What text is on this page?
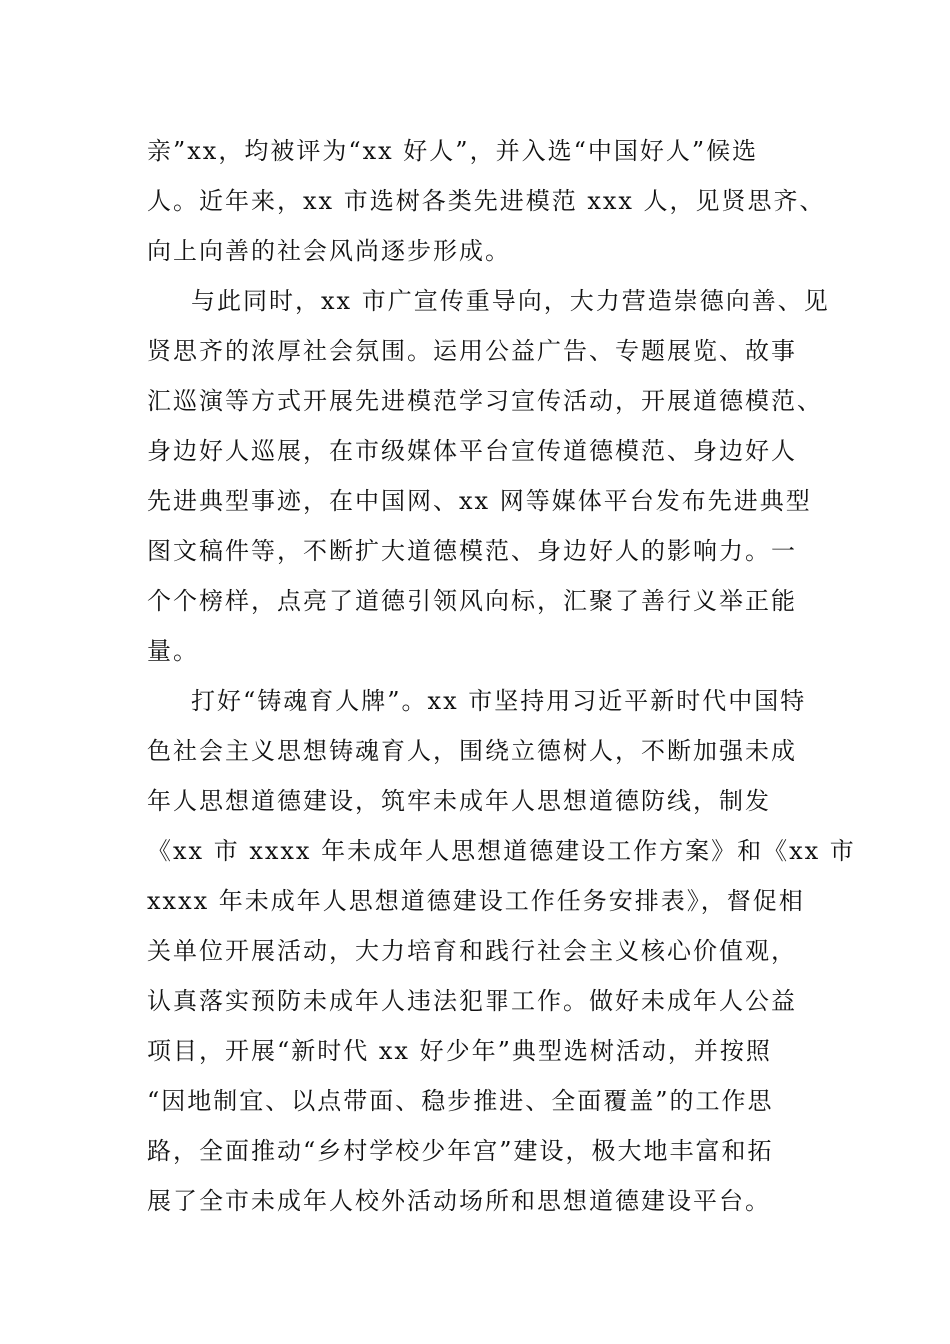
亲”xx，均被评为“xx 好人”，并入选“中国好人”候选
人。近年来，xx 市选树各类先进模范 xxx 人，见贤思齐、
向上向善的社会风尚逐步形成。
与此同时，xx 市广宣传重导向，大力营造崇德向善、见
贤思齐的浓厚社会氛围。运用公益广告、专题展览、故事
汇巡演等方式开展先进模范学习宣传活动，开展道德模范、
身边好人巡展，在市级媒体平台宣传道德模范、身边好人
先进典型事迹，在中国网、xx 网等媒体平台发布先进典型
图文稿件等，不断扩大道德模范、身边好人的影响力。一
个个榜样，点亮了道德引领风向标，汇聚了善行义举正能
量。
打好“铸魂育人牌”。xx 市坚持用习近平新时代中国特
色社会主义思想铸魂育人，围绕立德树人，不断加强未成
年人思想道德建设，筑牢未成年人思想道德防线，制发
《xx 市 xxxx 年未成年人思想道德建设工作方案》和《xx 市
xxxx 年未成年人思想道德建设工作任务安排表》，督促相
关单位开展活动，大力培育和践行社会主义核心价值观，
认真落实预防未成年人违法犯罪工作。做好未成年人公益
项目，开展“新时代 xx 好少年”典型选树活动，并按照
“因地制宜、以点带面、稳步推进、全面覆盖”的工作思
路，全面推动“乡村学校少年宫”建设，极大地丰富和拓
展了全市未成年人校外活动场所和思想道德建设平台。
